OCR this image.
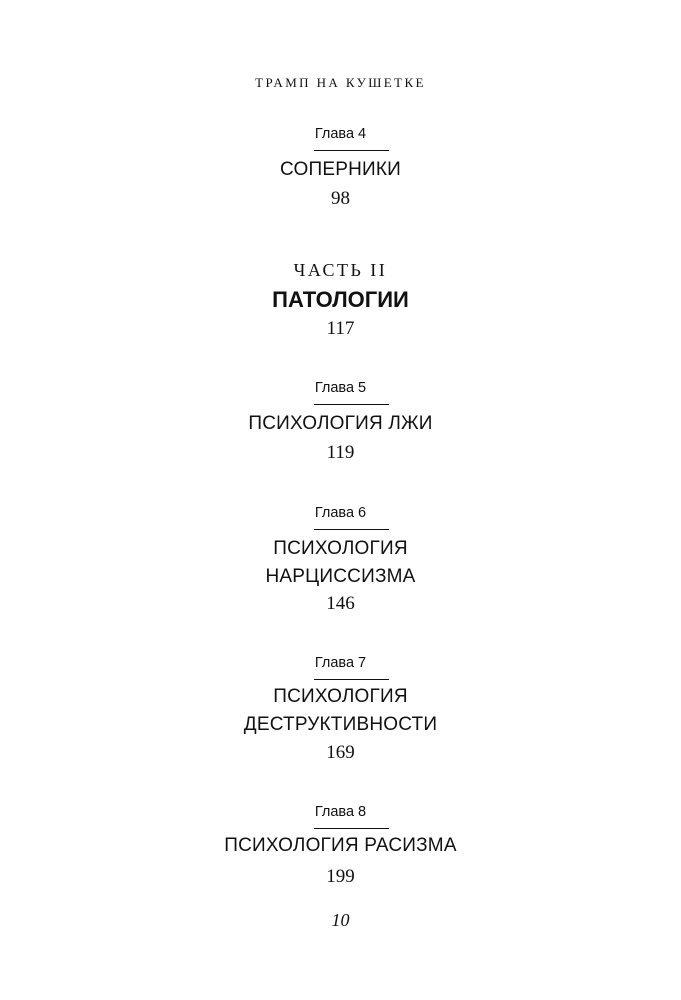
ТРАМП НА КУШЕТКЕ
Глава 4
СОПЕРНИКИ
98
ЧАСТЬ II
ПАТОЛОГИИ
117
Глава 5
ПСИХОЛОГИЯ ЛЖИ
119
Глава 6
ПСИХОЛОГИЯ
НАРЦИССИЗМА
146
Глава 7
ПСИХОЛОГИЯ
ДЕСТРУКТИВНОСТИ
169
Глава 8
ПСИХОЛОГИЯ РАСИЗМА
199
10
